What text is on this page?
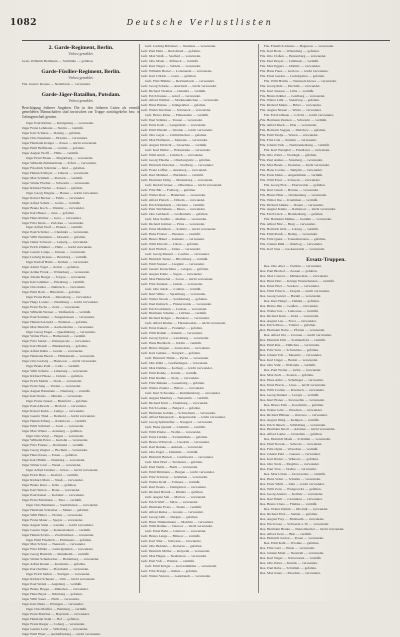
1082	Deutsche Verlustlisten
2. Garde-Regiment, Berlin.
Verlust gemeldet.
Gren. Wilhelm Hellmann — Schmölln — gefallen.
Garde-Füsilier-Regiment, Berlin.
Verlust gemeldet.
Füs. Gustav Krause — Nettelbeck — verwundet.
Garde-Jäger-Bataillon, Potsdam.
Verlust gemeldet.
Berichtigung früherer Angaben: Die in den früheren Listen als vermißt gemeldeten Mannschaften sind inzwischen zur Truppe zurückgekehrt bzw. in Gefangenschaft geraten.
Jäger Paul Richter — Königsberg — verwundet.
Jäger Franz Lehmann — Stettin — vermißt.
Jäger Karl Schulze — Danzig — gefallen.
Jäger Otto Neumann — Breslau — verwundet.
Jäger Hermann Krüger — Posen — leicht verwundet.
Jäger Emil Hoffmann — Görlitz — gefallen.
Jäger August Wolff — Halle — vermißt.
Jäger Ernst Braun — Magdeburg — verwundet.
Jäger Wilhelm Zimmermann — Erfurt — verwundet.
Jäger Friedrich Schröder — Kiel — gefallen.
Jäger Heinrich Meyer — Lübeck — verwundet.
Jäger Max Schmidt — Rostock — vermißt.
Jäger Walter Fischer — Schwerin — verwundet.
Jäger Richard Weber — Kassel — gefallen.
Jäger Georg Wagner — Hanau — leicht verwundet.
Jäger Robert Becker — Fulda — verwundet.
Jäger Alfred Schulz — Gotha — vermißt.
Jäger Bruno Koch — Weimar — verwundet.
Jäger Kurt Bauer — Jena — gefallen.
Jäger Hans Richter — Gera — verwundet.
Jäger Fritz Klein — Zwickau — verwundet.
Jäger Alfred Wolf — Plauen — vermißt.
Jäger Paul Schröter — Chemnitz — verwundet.
Jäger Willi Neumann — Dresden — gefallen.
Jäger Oskar Schwarz — Leipzig — verwundet.
Jäger Erich Zimmer — Halle — leicht verwundet.
Jäger Gustav Lange — Dessau — verwundet.
Jäger Ludwig Krause — Bernburg — vermißt.
Jäger Rudolf Hahn — Köthen — verwundet.
Jäger Albert Vogel — Zerbst — gefallen.
Jäger Arthur Frank — Wittenberg — verwundet.
Jäger Johann Berger — Torgau — verwundet.
Jäger Karl Günther — Eilenburg — vermißt.
Jäger Otto Keller — Delitzsch — verwundet.
Jäger Emil Roth — Bitterfeld — gefallen.
Jäger Franz Beck — Merseburg — verwundet.
Jäger Hugo Lorenz — Naumburg — leicht verwundet.
Jäger Ernst Fuchs — Zeitz — verwundet.
Jäger Wilhelm Werner — Weißenfels — vermißt.
Jäger Paul Sommer — Sangerhausen — verwundet.
Jäger Heinrich Arnold — Eisleben — gefallen.
Jäger Max Dietrich — Aschersleben — verwundet.
Jäger Georg Engel — Quedlinburg — verwundet.
Jäger Walter Horn — Halberstadt — vermißt.
Jäger Fritz Seidel — Wernigerode — verwundet.
Jäger Kurt Brandt — Blankenburg — gefallen.
Jäger Alfred Kühn — Goslar — verwundet.
Jäger Hermann Busch — Hildesheim — verwundet.
Jäger Otto Ludwig — Hannover — leicht verwundet.
Jäger Bruno Pohl — Celle — vermißt.
Jäger Willi Schulte — Lüneburg — verwundet.
Jäger Richard Haase — Uelzen — gefallen.
Jäger Erich Martin — Stade — verwundet.
Jäger Ernst Jung — Verden — verwundet.
Jäger August Hartmann — Nienburg — vermißt.
Jäger Karl Peters — Minden — verwundet.
Jäger Franz Jansen — Bielefeld — gefallen.
Jäger Paul Albrecht — Herford — verwundet.
Jäger Robert Kuhn — Lemgo — verwundet.
Jäger Gustav Thiel — Detmold — leicht verwundet.
Jäger Heinrich Berg — Paderborn — vermißt.
Jäger Emil Schubert — Soest — verwundet.
Jäger Max Winter — Arnsberg — gefallen.
Jäger Otto Voigt — Hagen — verwundet.
Jäger Wilhelm Ernst — Iserlohn — verwundet.
Jäger Fritz Franke — Dortmund — vermißt.
Jäger Georg Ziegler — Bochum — verwundet.
Jäger Hans Kraus — Essen — gefallen.
Jäger Kurt Böhm — Duisburg — verwundet.
Jäger Walter Graf — Wesel — verwundet.
Jäger Alfred Lindner — Kleve — leicht verwundet.
Jäger Erich Haas — Krefeld — vermißt.
Jäger Richard Marx — Neuß — verwundet.
Jäger Bruno Kurz — Köln — gefallen.
Jäger Karl Simon — Bonn — verwundet.
Jäger Paul Kaiser — Koblenz — verwundet.
Jäger Ernst Fuhrmann — Trier — vermißt.
Jäger Otto Baumann — Saarbrücken — verwundet.
Jäger Hermann Schreiber — Mainz — gefallen.
Jäger Willi Huber — Worms — verwundet.
Jäger Franz Maier — Speyer — verwundet.
Jäger August Stein — Landau — leicht verwundet.
Jäger Gustav Jäger — Kaiserslautern — vermißt.
Jäger Heinrich Otto — Zweibrücken — verwundet.
Jäger Emil Friedrich — Pirmasens — gefallen.
Jäger Max Scholz — Neustadt — verwundet.
Jäger Fritz Möller — Ludwigshafen — verwundet.
Jäger Georg Heinrich — Mannheim — vermißt.
Jäger Walter Schumacher — Heidelberg — verwundet.
Jäger Alfred Reuter — Karlsruhe — gefallen.
Jäger Kurt Krämer — Pforzheim — verwundet.
Jäger Erich Seifert — Stuttgart — verwundet.
Jäger Richard Schuster — Ulm — leicht verwundet.
Jäger Paul Wendt — Augsburg — vermißt.
Jäger Bruno Hoppe — München — verwundet.
Jäger Hans Beyer — Nürnberg — gefallen.
Jäger Willi Sauer — Fürth — verwundet.
Jäger Karl Dietz — Erlangen — verwundet.
Jäger Otto Pfeiffer — Bamberg — vermißt.
Jäger Ernst Böttcher — Bayreuth — verwundet.
Jäger Hermann Stahl — Hof — gefallen.
Jäger Franz Rieger — Coburg — verwundet.
Jäger Gustav Lenz — Würzburg — verwundet.
Jäger Emil Ebert — Aschaffenburg — leicht verwundet.
Gefr. Ludwig Brückner — Neuhaus — verwundet.
Gefr. Paul Hein — Rudolstadt — gefallen.
Gefr. Max Weiß — Saalfeld — verwundet.
Gefr. Otto Mann — Pößneck — vermißt.
Gefr. Kurt Nagel — Schleiz — verwundet.
Gefr. Wilhelm Hertel — Lobenstein — verwundet.
Gefr. Karl Ullrich — Greiz — gefallen.
Gefr. Fritz Böhme — Reichenbach — verwundet.
Gefr. Georg Schade — Auerbach — leicht verwundet.
Gefr. Richard Thomas — Oelsnitz — vermißt.
Gefr. Erich Kunze — Adorf — verwundet.
Gefr. Alfred Walther — Markneukirchen — verwundet.
Gefr. Hans Heinze — Klingenthal — gefallen.
Gefr. Walter Kirchner — Schöneck — verwundet.
Gefr. Bruno Ritter — Falkenstein — vermißt.
Gefr. Paul Schütze — Treuen — verwundet.
Gefr. Ernst Kolb — Lengenfeld — verwundet.
Gefr. Emil Wendel — Werdau — leicht verwundet.
Gefr. Otto Geyer — Crimmitschau — gefallen.
Gefr. Max Hofmann — Meerane — verwundet.
Gefr. August Ulbricht — Glauchau — vermißt.
Gefr. Karl Heller — Hohenstein — verwundet.
Gefr. Willi Arndt — Limbach — verwundet.
Gefr. Georg Thieme — Oberlungwitz — gefallen.
Gefr. Heinrich Drescher — Stollberg — verwundet.
Gefr. Franz Löffler — Annaberg — verwundet.
Gefr. Kurt Mehnert — Buchholz — vermißt.
Gefr. Hermann Uhlig — Marienberg — verwundet.
Gefr. Rudolf Glaser — Olbernhau — leicht verwundet.
Gefr. Fritz Bär — Freiberg — gefallen.
Gefr. Walter Rost — Hainichen — verwundet.
Gefr. Alfred Pietsch — Döbeln — verwundet.
Gefr. Erich Reinhardt — Oschatz — vermißt.
Gefr. Paul Teichmann — Riesa — verwundet.
Gefr. Otto Gebhardt — Großenhain — gefallen.
Gefr. Max Seidler — Meißen — verwundet.
Gefr. Richard Gärtner — Pirna — verwundet.
Gefr. Ernst Mehlhorn — Sebnitz — leicht verwundet.
Gefr. Hans Förster — Bautzen — vermißt.
Gefr. Bruno Hänel — Kamenz — verwundet.
Gefr. Willi Petzold — Löbau — gefallen.
Gefr. Karl Ehrlich — Zittau — verwundet.
Gefr. Georg Menzel — Lauban — verwundet.
Gefr. Heinrich Tietze — Hirschberg — vermißt.
Gefr. Emil Stenzel — Liegnitz — verwundet.
Gefr. Gustav Kretschmer — Glogau — gefallen.
Gefr. August Pohle — Sagan — verwundet.
Gefr. Max Hentschel — Sorau — leicht verwundet.
Gefr. Fritz Kutzner — Guben — verwundet.
Gefr. Otto Jakob — Cottbus — vermißt.
Gefr. Kurt Wilke — Spremberg — verwundet.
Gefr. Walter Noack — Senftenberg — gefallen.
Gefr. Paul Kubisch — Finsterwalde — verwundet.
Gefr. Erich Lehmann — Luckau — verwundet.
Gefr. Hermann Schulze — Lübben — vermißt.
Gefr. Richard Krüger — Beeskow — verwundet.
Gefr. Alfred Dreher — Fürstenwalde — leicht verwundet.
Gefr. Ernst Kunert — Frankfurt — gefallen.
Gefr. Willi Ramm — Küstrin — verwundet.
Gefr. Georg Sydow — Landsberg — verwundet.
Gefr. Hans Buchholz — Soldin — vermißt.
Gefr. Bruno Wegner — Arnswalde — verwundet.
Gefr. Karl Gehrke — Stargard — gefallen.
Gefr. Heinrich Timm — Pyritz — verwundet.
Gefr. Otto Kühl — Greifenhagen — verwundet.
Gefr. Max Dahlke — Kolberg — leicht verwundet.
Gefr. Emil Rohde — Köslin — vermißt.
Gefr. Paul Radtke — Stolp — verwundet.
Gefr. Fritz Behnke — Lauenburg — gefallen.
Gefr. Walter Zander — Bütow — verwundet.
Gefr. Kurt Schwanke — Rummelsburg — verwundet.
Gefr. August Manthey — Neustettin — vermißt.
Gefr. Richard Klatt — Dramburg — verwundet.
Gefr. Erich Lemke — Belgard — gefallen.
Gefr. Hermann Gohlke — Schivelbein — verwundet.
Gefr. Alfred Marquardt — Regenwalde — leicht verwundet.
Gefr. Georg Splittstößer — Naugard — verwundet.
Gefr. Hans Quandt — Cammin — vermißt.
Gefr. Willi Priebe — Wollin — verwundet.
Gefr. Ernst Lüdtke — Swinemünde — gefallen.
Gefr. Bruno Wittstock — Usedom — verwundet.
Gefr. Karl Reinke — Anklam — verwundet.
Gefr. Otto Pagel — Demmin — vermißt.
Gefr. Heinrich Bartels — Greifswald — verwundet.
Gefr. Max Holz — Stralsund — gefallen.
Gefr. Paul Nehls — Barth — verwundet.
Gefr. Emil Dittmann — Bergen — leicht verwundet.
Gefr. Fritz Schwarz — Grimmen — verwundet.
Gefr. Walter Krull — Tribsees — vermißt.
Gefr. Kurt Peters — Damgarten — verwundet.
Gefr. Richard Brandt — Ribnitz — gefallen.
Gefr. August Saß — Marlow — verwundet.
Gefr. Erich Wulf — Sülze — verwundet.
Gefr. Hermann Evers — Tessin — vermißt.
Gefr. Alfred Rehse — Gnoien — verwundet.
Gefr. Georg Lüth — Dargun — gefallen.
Gefr. Hans Timmermann — Malchin — verwundet.
Gefr. Willi Rathke — Teterow — leicht verwundet.
Gefr. Ernst Bahr — Güstrow — verwundet.
Gefr. Bruno Lange — Bützow — vermißt.
Gefr. Karl Stier — Schwaan — verwundet.
Gefr. Otto Behrens — Doberan — gefallen.
Gefr. Heinrich Möller — Kröpelin — verwundet.
Gefr. Max Hagen — Neubukow — verwundet.
Gefr. Paul Voß — Wismar — vermißt.
Gefr. Emil Kröger — Grevesmühlen — verwundet.
Gefr. Fritz Prange — Rehna — gefallen.
Gefr. Walter Sievers — Gadebusch — verwundet.
Füs. Friedrich Ahrens — Hagenow — verwundet.
Füs. Karl Bode — Wittenburg — gefallen.
Füs. Otto Claßen — Boizenburg — verwundet.
Füs. Paul Dreyer — Lübtheen — vermißt.
Füs. Max Eggers — Dömitz — verwundet.
Füs. Hans Faust — Grabow — leicht verwundet.
Füs. Ernst Gerdes — Ludwigslust — gefallen.
Füs. Willi Harms — Neustadt-Glewe — verwundet.
Füs. Georg Ihde — Parchim — verwundet.
Füs. Kurt Janssen — Lübz — vermißt.
Füs. Bruno Kähler — Goldberg — verwundet.
Füs. Walter Lühr — Sternberg — gefallen.
Füs. Richard Meins — Brüel — verwundet.
Füs. August Nissen — Warin — verwundet.
Füs. Erich Ohlsen — Crivitz — leicht verwundet.
Füs. Hermann Paulsen — Schwerin — vermißt.
Füs. Alfred Rieck — Plau — verwundet.
Füs. Heinrich Saggau — Malchow — gefallen.
Füs. Emil Tiedje — Waren — verwundet.
Füs. Fritz Ude — Penzlin — verwundet.
Füs. Johann Vick — Neubrandenburg — vermißt.
Füs. Karl Westphal — Friedland — verwundet.
Füs. Otto Zabel — Woldegk — gefallen.
Füs. Paul Asmus — Strasburg — verwundet.
Füs. Max Baade — Prenzlau — leicht verwundet.
Füs. Hans Cordes — Templin — verwundet.
Füs. Ernst Dehn — Angermünde — vermißt.
Füs. Willi Evert — Schwedt — verwundet.
Füs. Georg Fick — Eberswalde — gefallen.
Füs. Kurt Gnadt — Bernau — verwundet.
Füs. Bruno Hinz — Oranienburg — verwundet.
Füs. Walter Ilse — Kremmen — vermißt.
Füs. Richard Jahnke — Nauen — verwundet.
Füs. August Kanitz — Rathenow — leicht verwundet.
Füs. Erich Lück — Brandenburg — gefallen.
Füs. Hermann Mielke — Genthin — verwundet.
Füs. Alfred Nitz — Burg — verwundet.
Füs. Heinrich Orth — Loburg — vermißt.
Füs. Emil Preuß — Belzig — verwundet.
Füs. Fritz Quast — Treuenbrietzen — gefallen.
Füs. Johann Rühl — Jüterbog — verwundet.
Füs. Karl Sass — Luckenwalde — verwundet.
Ersatz-Truppen.
Res. Otto Abel — Trebbin — verwundet.
Res. Paul Bischof — Zossen — gefallen.
Res. Max Conrad — Mittenwalde — verwundet.
Res. Hans Dörr — Königs Wusterhausen — vermißt.
Res. Ernst Ebel — Storkow — verwundet.
Res. Willi Fritsch — Teupitz — leicht verwundet.
Res. Georg Grund — Baruth — verwundet.
Res. Kurt Haupt — Dahme — gefallen.
Res. Bruno Ihle — Golßen — verwundet.
Res. Walter Jost — Lieberose — vermißt.
Res. Richard Kern — Peitz — verwundet.
Res. August Lau — Forst — verwundet.
Res. Erich Moos — Triebel — gefallen.
Res. Hermann Nolte — Pförten — verwundet.
Res. Alfred Ost — Crossen — leicht verwundet.
Res. Heinrich Prill — Sommerfeld — vermißt.
Res. Emil Rau — Züllichau — verwundet.
Res. Fritz Sohr — Schwiebus — gefallen.
Res. Johann Toll — Meseritz — verwundet.
Res. Karl Unger — Bomst — verwundet.
Res. Otto Vahl — Wollstein — vermißt.
Res. Paul Wolter — Grätz — verwundet.
Res. Max Zech — Kosten — gefallen.
Res. Hans Adler — Schmiegel — verwundet.
Res. Ernst Borck — Lissa — leicht verwundet.
Res. Willi Cramer — Rawitsch — verwundet.
Res. Georg Dunkel — Gostyn — vermißt.
Res. Kurt Elsner — Krotoschin — verwundet.
Res. Bruno Falk — Koschmin — gefallen.
Res. Walter Götz — Pleschen — verwundet.
Res. Richard Hübner — Ostrowo — verwundet.
Res. August Illing — Kempen — vermißt.
Res. Erich Jänsch — Schildberg — verwundet.
Res. Hermann Knoll — Adelnau — leicht verwundet.
Res. Alfred Laube — Jarotschin — gefallen.
Res. Heinrich Maaß — Schrimm — verwundet.
Res. Emil Nowak — Schroda — verwundet.
Res. Fritz Opitz — Wreschen — vermißt.
Res. Johann Pahl — Gnesen — verwundet.
Res. Karl Rösler — Witkowo — gefallen.
Res. Otto Stolz — Mogilno — verwundet.
Res. Paul Treu — Strelno — verwundet.
Res. Max Urban — Inowrazlaw — vermißt.
Res. Hans Vetter — Schubin — verwundet.
Res. Ernst Wirth — Znin — leicht verwundet.
Res. Willi Zorn — Wongrowitz — gefallen.
Res. Georg Anders — Kolmar — verwundet.
Res. Kurt Blum — Czarnikau — verwundet.
Res. Bruno Claus — Filehne — vermißt.
Res. Walter Damm — Obornik — verwundet.
Res. Richard Eich — Samter — gefallen.
Res. August Frey — Birnbaum — verwundet.
Res. Erich Gast — Schwerin a. W. — verwundet.
Res. Hermann Henke — Neutomischel — leicht verwundet.
Res. Alfred Iwan — Buk — vermißt.
Res. Heinrich Jordan — Posen — verwundet.
Res. Emil Kahl — Wronke — gefallen.
Res. Fritz Lutz — Pinne — verwundet.
Res. Johann Mohr — Neustadt — verwundet.
Res. Karl Nagel — Schwersenz — vermißt.
Res. Otto Pabst — Kurnik — verwundet.
Res. Paul Rabe — Schrimm — gefallen.
Res. Max Sauer — Moschin — verwundet.
